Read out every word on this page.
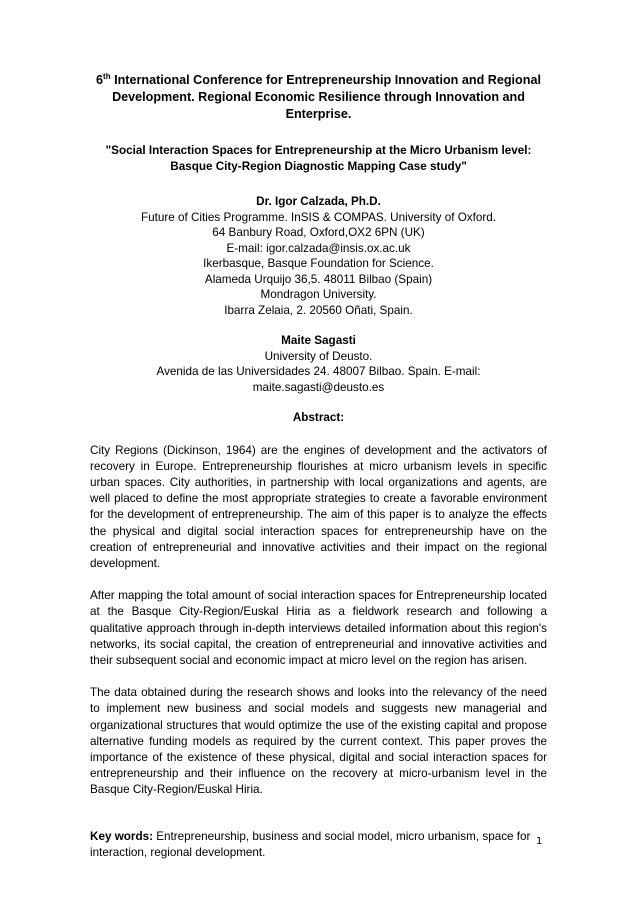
6th International Conference for Entrepreneurship Innovation and Regional Development. Regional Economic Resilience through Innovation and Enterprise.

"Social Interaction Spaces for Entrepreneurship at the Micro Urbanism level: Basque City-Region Diagnostic Mapping Case study"

Dr. Igor Calzada, Ph.D.
Future of Cities Programme. InSIS & COMPAS. University of Oxford.
64 Banbury Road, Oxford,OX2 6PN (UK)
E-mail: igor.calzada@insis.ox.ac.uk
Ikerbasque, Basque Foundation for Science.
Alameda Urquijo 36,5. 48011 Bilbao (Spain)
Mondragon University.
Ibarra Zelaia, 2. 20560 Oñati, Spain.
Maite Sagasti
University of Deusto.
Avenida de las Universidades 24. 48007 Bilbao. Spain. E-mail:
maite.sagasti@deusto.es
Abstract:

City Regions (Dickinson, 1964) are the engines of development and the activators of recovery in Europe. Entrepreneurship flourishes at micro urbanism levels in specific urban spaces. City authorities, in partnership with local organizations and agents, are well placed to define the most appropriate strategies to create a favorable environment for the development of entrepreneurship. The aim of this paper is to analyze the effects the physical and digital social interaction spaces for entrepreneurship have on the creation of entrepreneurial and innovative activities and their impact on the regional development.

After mapping the total amount of social interaction spaces for Entrepreneurship located at the Basque City-Region/Euskal Hiria as a fieldwork research and following a qualitative approach through in-depth interviews detailed information about this region's networks, its social capital, the creation of entrepreneurial and innovative activities and their subsequent social and economic impact at micro level on the region has arisen.

The data obtained during the research shows and looks into the relevancy of the need to implement new business and social models and suggests new managerial and organizational structures that would optimize the use of the existing capital and propose alternative funding models as required by the current context. This paper proves the importance of the existence of these physical, digital and social interaction spaces for entrepreneurship and their influence on the recovery at micro-urbanism level in the Basque City-Region/Euskal Hiria.

Key words: Entrepreneurship, business and social model, micro urbanism, space for interaction, regional development.
1
